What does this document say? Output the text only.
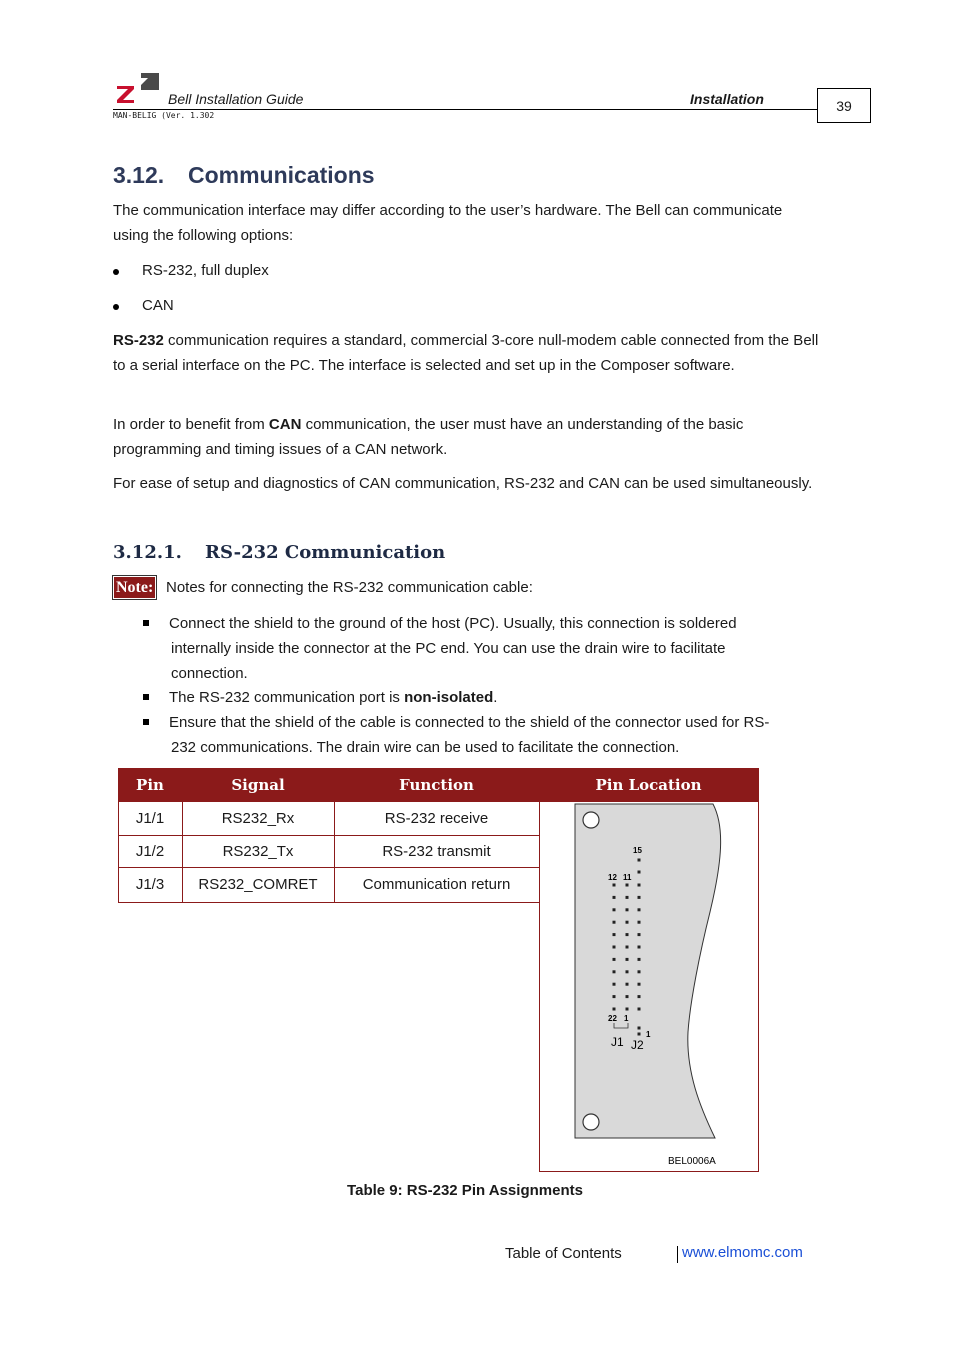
Bell Installation Guide	Installation
MAN-BELIG (Ver. 1.302
39
3.12. Communications
The communication interface may differ according to the user’s hardware. The Bell can communicate using the following options:
RS-232, full duplex
CAN
RS-232 communication requires a standard, commercial 3-core null-modem cable connected from the Bell to a serial interface on the PC. The interface is selected and set up in the Composer software.
In order to benefit from CAN communication, the user must have an understanding of the basic programming and timing issues of a CAN network.
For ease of setup and diagnostics of CAN communication, RS-232 and CAN can be used simultaneously.
3.12.1. RS-232 Communication
Note: Notes for connecting the RS-232 communication cable:
Connect the shield to the ground of the host (PC). Usually, this connection is soldered
internally inside the connector at the PC end. You can use the drain wire to facilitate
connection.
The RS-232 communication port is non-isolated.
Ensure that the shield of the cable is connected to the shield of the connector used for RS-
232 communications. The drain wire can be used to facilitate the connection.
Pin	Signal	Function	Pin Location
J1/1	RS232_Rx	RS-232 receive
J1/2	RS232_Tx	RS-232 transmit
J1/3	RS232_COMRET	Communication return
15
12 11
22 1
1
J1 J2
BEL0006A
Table 9: RS-232 Pin Assignments
Table of Contents	www.elmomc.com
